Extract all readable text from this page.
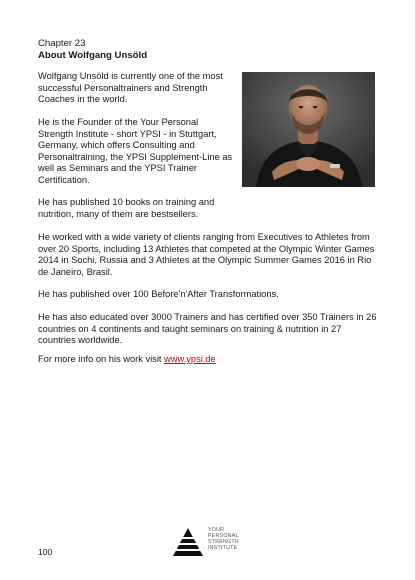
Chapter 23
About Wolfgang Unsöld

Wolfgang Unsöld is currently one of the most successful Personaltrainers and Strength Coaches in the world.

He is the Founder of the Your Personal Strength Institute - short YPSI - in Stuttgart, Germany, which offers Consulting and Personaltraining, the YPSI Supplement-Line as well as Seminars and the YPSI Trainer Certification.

He has published 10 books on training and nutrition, many of them are bestsellers.

He worked with a wide variety of clients ranging from Executives to Athletes from over 20 Sports, including 13 Athletes that competed at the Olympic Winter Games 2014 in Sochi, Russia and 3 Athletes at the Olympic Summer Games 2016 in Rio de Janeiro, Brasil.

He has published over 100 Before'n'After Transformations.

He has also educated over 3000 Trainers and has certified over 350 Trainers in 26 countries on 4 continents and taught seminars on training & nutrition in 27 countries worldwide.

For more info on his work visit www.ypsi.de

YOUR
PERSONAL
STRENGTH
INSTITUTE
100
